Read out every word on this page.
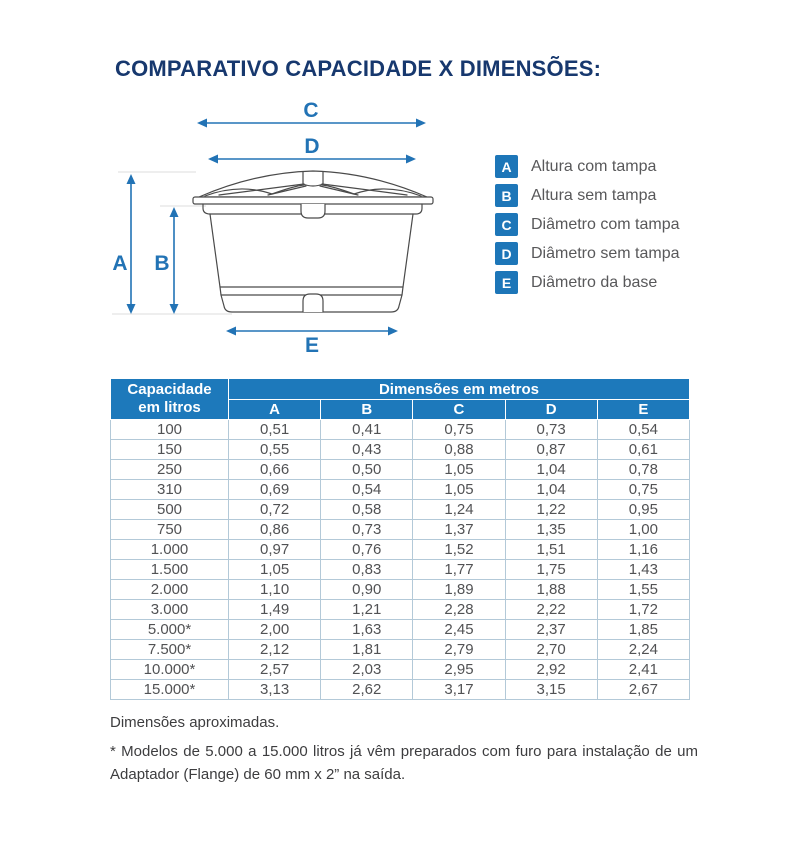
COMPARATIVO CAPACIDADE X DIMENSÕES:
C
D
A B
E
A	Altura com tampa
B	Altura sem tampa
C	Diâmetro com tampa
D	Diâmetro sem tampa
E	Diâmetro da base
Capacidade
em litros	Dimensões em metros				
	A	B	C	D	E
100	0,51	0,41	0,75	0,73	0,54
150	0,55	0,43	0,88	0,87	0,61
250	0,66	0,50	1,05	1,04	0,78
310	0,69	0,54	1,05	1,04	0,75
500	0,72	0,58	1,24	1,22	0,95
750	0,86	0,73	1,37	1,35	1,00
1.000	0,97	0,76	1,52	1,51	1,16
1.500	1,05	0,83	1,77	1,75	1,43
2.000	1,10	0,90	1,89	1,88	1,55
3.000	1,49	1,21	2,28	2,22	1,72
5.000*	2,00	1,63	2,45	2,37	1,85
7.500*	2,12	1,81	2,79	2,70	2,24
10.000*	2,57	2,03	2,95	2,92	2,41
15.000*	3,13	2,62	3,17	3,15	2,67

Dimensões aproximadas.

* Modelos de 5.000 a 15.000 litros já vêm preparados com furo para instalação de um Adaptador (Flange) de 60 mm x 2” na saída.
